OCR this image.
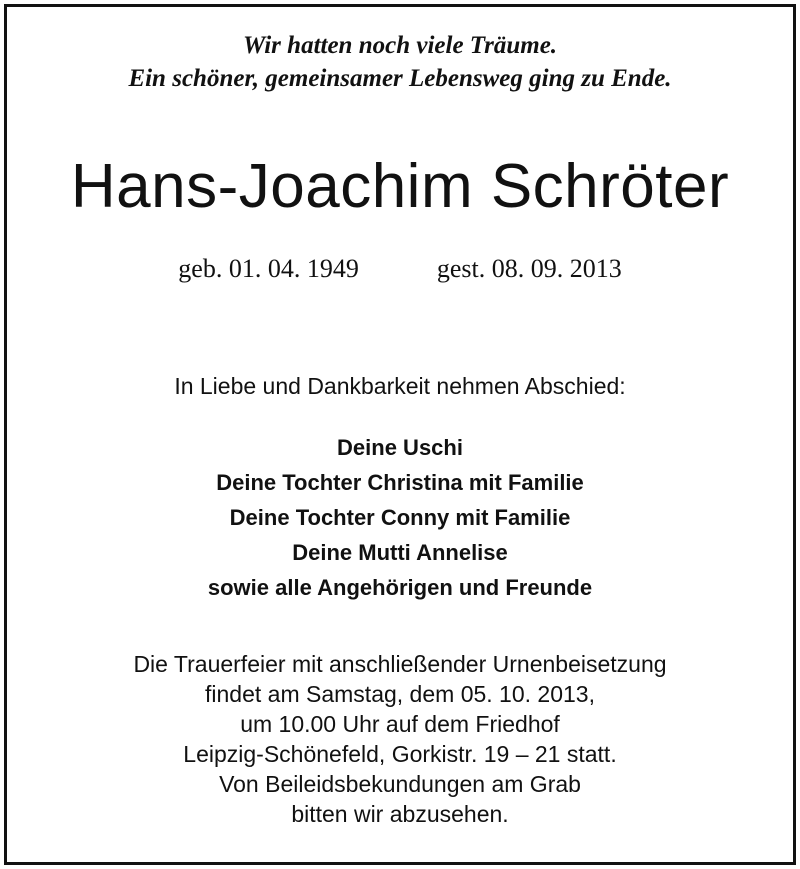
Wir hatten noch viele Träume.
Ein schöner, gemeinsamer Lebensweg ging zu Ende.
Hans-Joachim Schröter
geb. 01. 04. 1949	gest. 08. 09. 2013
In Liebe und Dankbarkeit nehmen Abschied:
Deine Uschi
Deine Tochter Christina mit Familie
Deine Tochter Conny mit Familie
Deine Mutti Annelise
sowie alle Angehörigen und Freunde
Die Trauerfeier mit anschließender Urnenbeisetzung
findet am Samstag, dem 05. 10. 2013,
um 10.00 Uhr auf dem Friedhof
Leipzig-Schönefeld, Gorkistr. 19 – 21 statt.
Von Beileidsbekundungen am Grab
bitten wir abzusehen.
